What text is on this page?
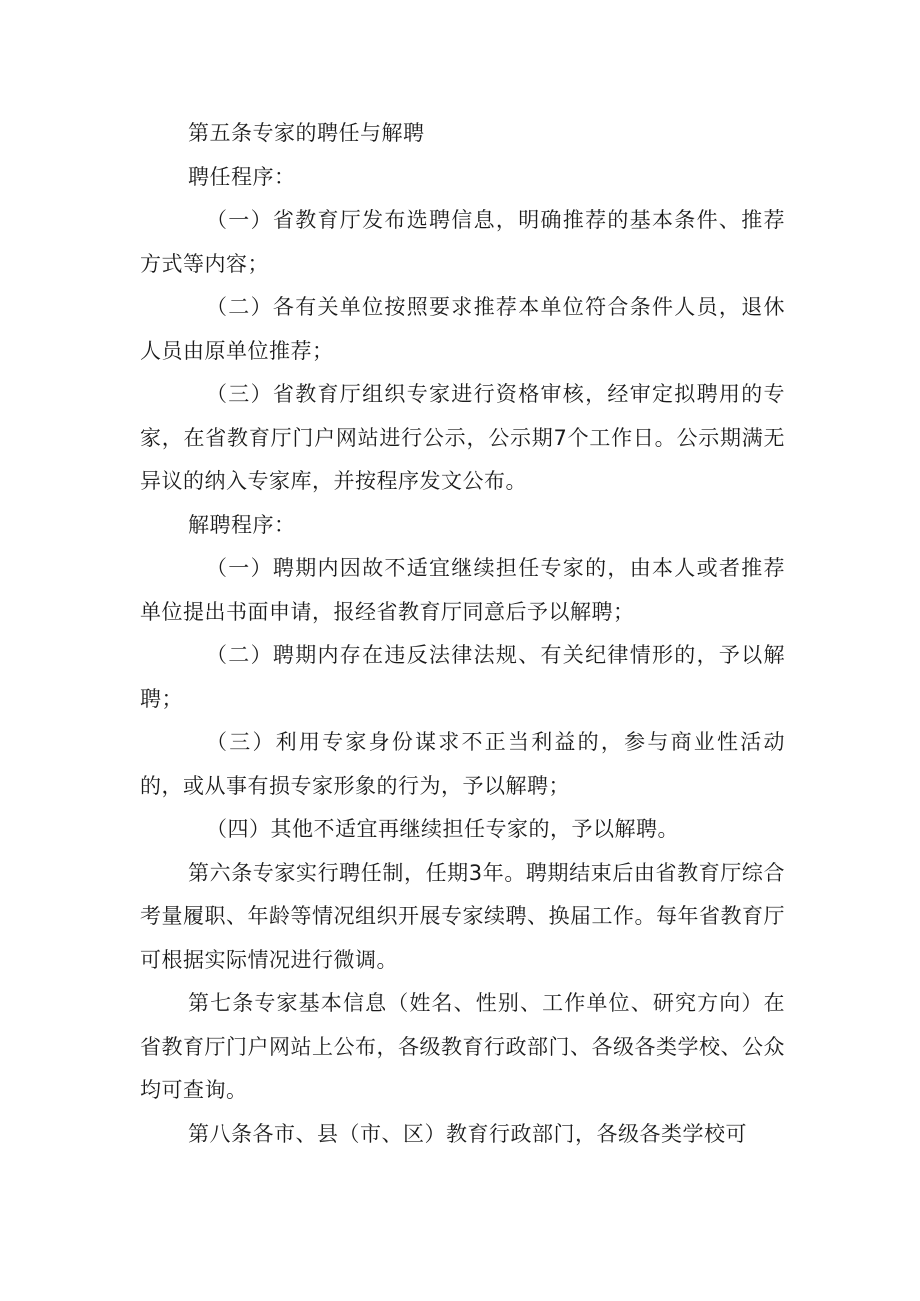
第五条专家的聘任与解聘

聘任程序：

（一）省教育厅发布选聘信息，明确推荐的基本条件、推荐方式等内容；

（二）各有关单位按照要求推荐本单位符合条件人员，退休人员由原单位推荐；

（三）省教育厅组织专家进行资格审核，经审定拟聘用的专家，在省教育厅门户网站进行公示，公示期7个工作日。公示期满无异议的纳入专家库，并按程序发文公布。

解聘程序：

（一）聘期内因故不适宜继续担任专家的，由本人或者推荐单位提出书面申请，报经省教育厅同意后予以解聘；

（二）聘期内存在违反法律法规、有关纪律情形的，予以解聘；

（三）利用专家身份谋求不正当利益的，参与商业性活动的，或从事有损专家形象的行为，予以解聘；

（四）其他不适宜再继续担任专家的，予以解聘。

第六条专家实行聘任制，任期3年。聘期结束后由省教育厅综合考量履职、年龄等情况组织开展专家续聘、换届工作。每年省教育厅可根据实际情况进行微调。

第七条专家基本信息（姓名、性别、工作单位、研究方向）在省教育厅门户网站上公布，各级教育行政部门、各级各类学校、公众均可查询。

第八条各市、县（市、区）教育行政部门，各级各类学校可
